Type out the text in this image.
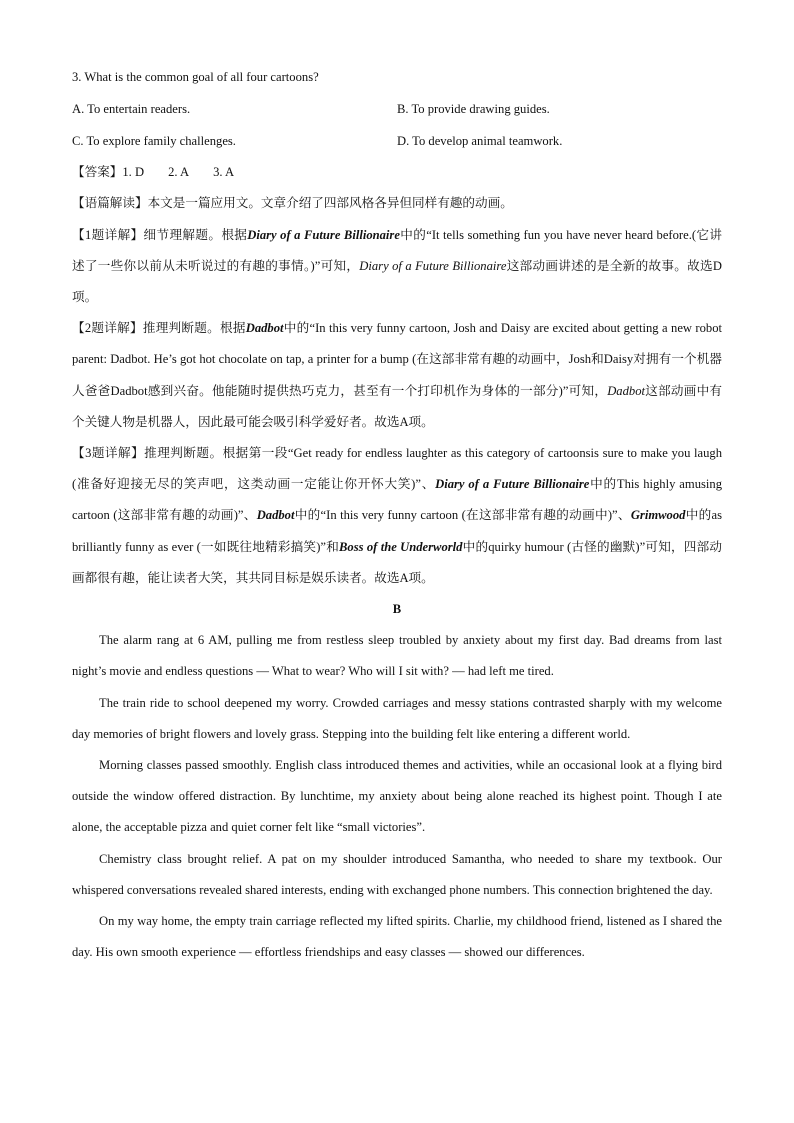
3. What is the common goal of all four cartoons?
A. To entertain readers.	B. To provide drawing guides.
C. To explore family challenges.	D. To develop animal teamwork.
【答案】1. D 2. A 3. A
【语篇解读】本文是一篇应用文。文章介绍了四部风格各异但同样有趣的动画。

【1题详解】细节理解题。根据Diary of a Future Billionaire中的“It tells something fun you have never heard before.(它讲述了一些你以前从未听说过的有趣的事情。)”可知，Diary of a Future Billionaire这部动画讲述的是全新的故事。故选D项。

【2题详解】推理判断题。根据Dadbot中的“In this very funny cartoon, Josh and Daisy are excited about getting a new robot parent: Dadbot. He’s got hot chocolate on tap, a printer for a bump (在这部非常有趣的动画中，Josh和Daisy对拥有一个机器人爸爸Dadbot感到兴奋。他能随时提供热巧克力，甚至有一个打印机作为身体的一部分)”可知，Dadbot这部动画中有个关键人物是机器人，因此最可能会吸引科学爱好者。故选A项。

【3题详解】推理判断题。根据第一段“Get ready for endless laughter as this category of cartoonsis sure to make you laugh (准备好迎接无尽的笑声吧，这类动画一定能让你开怀大笑)”、Diary of a Future Billionaire中的This highly amusing cartoon (这部非常有趣的动画)”、Dadbot中的“In this very funny cartoon (在这部非常有趣的动画中)”、Grimwood中的as brilliantly funny as ever (一如既往地精彩搞笑)”和Boss of the Underworld中的quirky humour (古怪的幽默)”可知，四部动画都很有趣，能让读者大笑，其共同目标是娱乐读者。故选A项。

B

The alarm rang at 6 AM, pulling me from restless sleep troubled by anxiety about my first day. Bad dreams from last night’s movie and endless questions — What to wear? Who will I sit with? — had left me tired.

The train ride to school deepened my worry. Crowded carriages and messy stations contrasted sharply with my welcome day memories of bright flowers and lovely grass. Stepping into the building felt like entering a different world.

Morning classes passed smoothly. English class introduced themes and activities, while an occasional look at a flying bird outside the window offered distraction. By lunchtime, my anxiety about being alone reached its highest point. Though I ate alone, the acceptable pizza and quiet corner felt like “small victories”.

Chemistry class brought relief. A pat on my shoulder introduced Samantha, who needed to share my textbook. Our whispered conversations revealed shared interests, ending with exchanged phone numbers. This connection brightened the day.

On my way home, the empty train carriage reflected my lifted spirits. Charlie, my childhood friend, listened as I shared the day. His own smooth experience — effortless friendships and easy classes — showed our differences.
